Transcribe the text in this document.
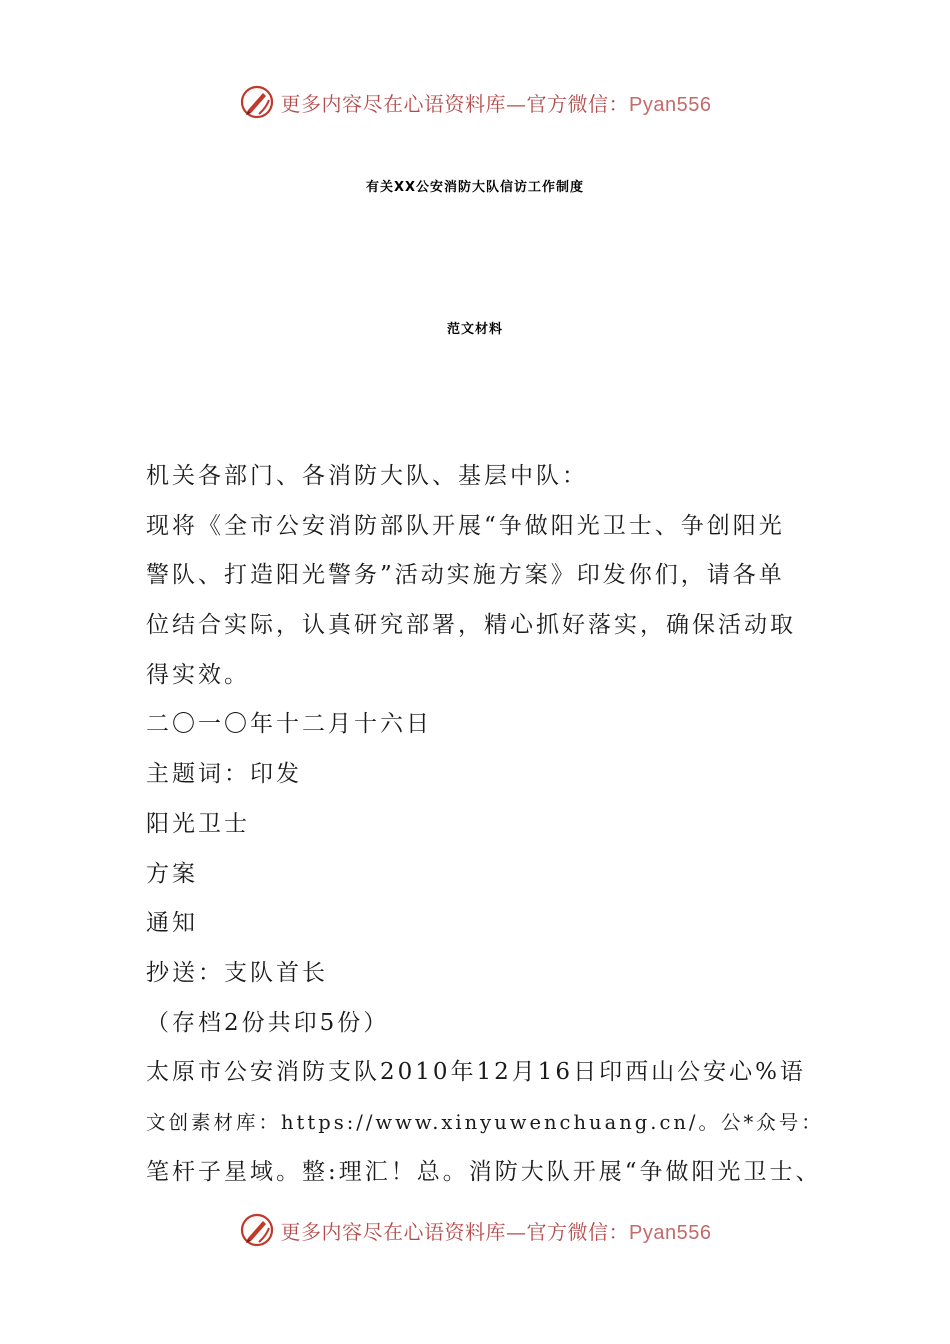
更多内容尽在心语资料库—官方微信：Pyan556
有关XX公安消防大队信访工作制度
范文材料
机关各部门、各消防大队、基层中队：
现将《全市公安消防部队开展“争做阳光卫士、争创阳光
警队、打造阳光警务”活动实施方案》印发你们，请各单
位结合实际，认真研究部署，精心抓好落实，确保活动取
得实效。
二〇一〇年十二月十六日
主题词：印发
阳光卫士
方案
通知
抄送：支队首长
（存档2份共印5份）
太原市公安消防支队2010年12月16日印西山公安心%语
文创素材库：https://www.xinyuwenchuang.cn/。公*众号：
笔杆子星域。整:理汇！总。消防大队开展“争做阳光卫士、
更多内容尽在心语资料库—官方微信：Pyan556
